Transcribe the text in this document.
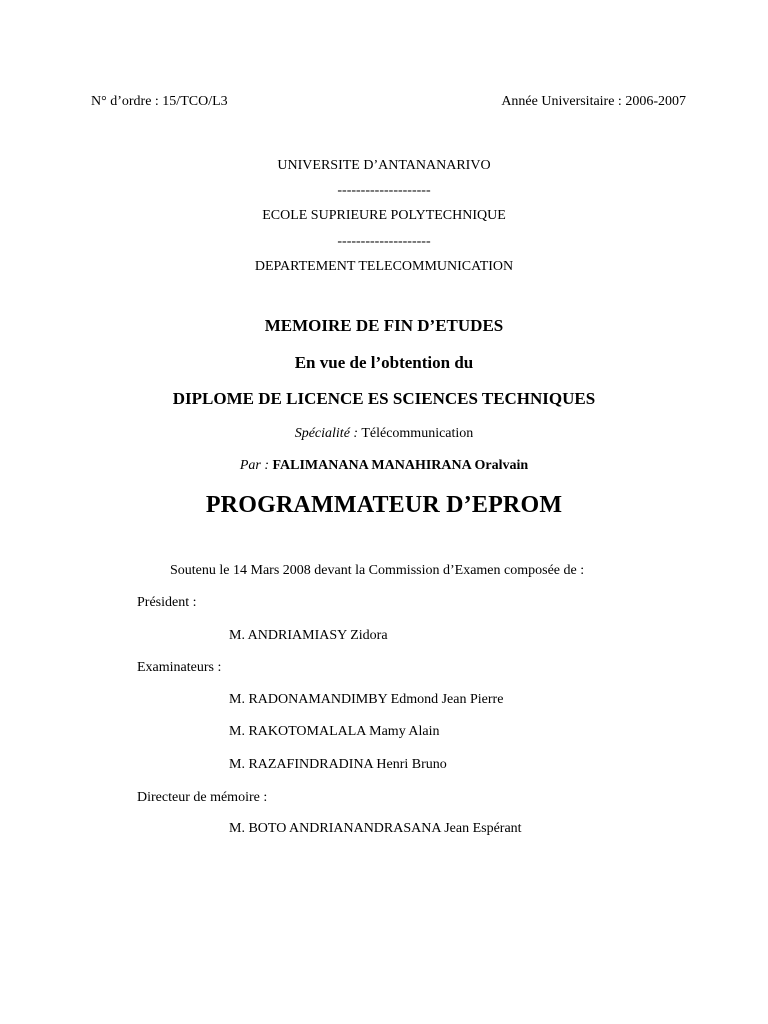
N° d’ordre : 15/TCO/L3	Année Universitaire : 2006-2007
UNIVERSITE D’ANTANANARIVO
--------------------
ECOLE SUPRIEURE POLYTECHNIQUE
--------------------
DEPARTEMENT TELECOMMUNICATION
MEMOIRE DE FIN D’ETUDES
En vue de l’obtention du
DIPLOME DE LICENCE ES SCIENCES TECHNIQUES
Spécialité : Télécommunication
Par : FALIMANANA MANAHIRANA Oralvain
PROGRAMMATEUR D’EPROM
Soutenu le 14 Mars 2008 devant la Commission d’Examen composée de :
Président :
M. ANDRIAMIASY Zidora
Examinateurs :
M. RADONAMANDIMBY Edmond Jean Pierre
M. RAKOTOMALALA Mamy Alain
M. RAZAFINDRADINA Henri Bruno
Directeur de mémoire :
M. BOTO ANDRIANANDRASANA Jean Espérant
